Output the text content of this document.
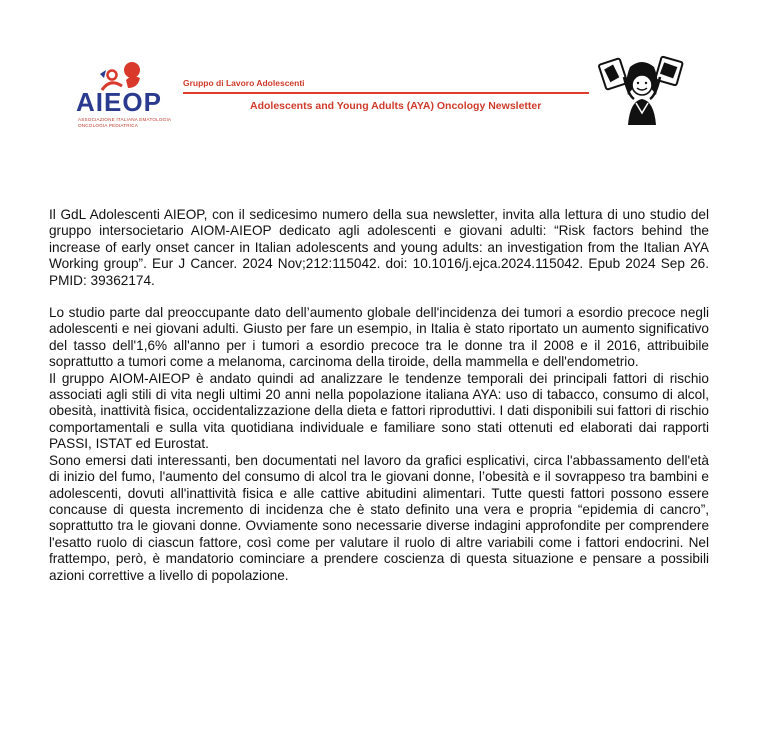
AIEOP
ASSOCIAZIONE ITALIANA EMATOLOGIA ONCOLOGIA PEDIATRICA
Gruppo di Lavoro Adolescenti
Adolescents and Young Adults (AYA) Oncology Newsletter

Il GdL Adolescenti AIEOP, con il sedicesimo numero della sua newsletter, invita alla lettura di uno studio del gruppo intersocietario AIOM-AIEOP dedicato agli adolescenti e giovani adulti: “Risk factors behind the increase of early onset cancer in Italian adolescents and young adults: an investigation from the Italian AYA Working group”. Eur J Cancer. 2024 Nov;212:115042. doi: 10.1016/j.ejca.2024.115042. Epub 2024 Sep 26. PMID: 39362174.

Lo studio parte dal preoccupante dato dell’aumento globale dell'incidenza dei tumori a esordio precoce negli adolescenti e nei giovani adulti. Giusto per fare un esempio, in Italia è stato riportato un aumento significativo del tasso dell'1,6% all'anno per i tumori a esordio precoce tra le donne tra il 2008 e il 2016, attribuibile soprattutto a tumori come a melanoma, carcinoma della tiroide, della mammella e dell'endometrio.

Il gruppo AIOM-AIEOP è andato quindi ad analizzare le tendenze temporali dei principali fattori di rischio associati agli stili di vita negli ultimi 20 anni nella popolazione italiana AYA: uso di tabacco, consumo di alcol, obesità, inattività fisica, occidentalizzazione della dieta e fattori riproduttivi. I dati disponibili sui fattori di rischio comportamentali e sulla vita quotidiana individuale e familiare sono stati ottenuti ed elaborati dai rapporti PASSI, ISTAT ed Eurostat.

Sono emersi dati interessanti, ben documentati nel lavoro da grafici esplicativi, circa l'abbassamento dell'età di inizio del fumo, l'aumento del consumo di alcol tra le giovani donne, l’obesità e il sovrappeso tra bambini e adolescenti, dovuti all'inattività fisica e alle cattive abitudini alimentari. Tutte questi fattori possono essere concause di questa incremento di incidenza che è stato definito una vera e propria “epidemia di cancro”, soprattutto tra le giovani donne. Ovviamente sono necessarie diverse indagini approfondite per comprendere l'esatto ruolo di ciascun fattore, così come per valutare il ruolo di altre variabili come i fattori endocrini. Nel frattempo, però, è mandatorio cominciare a prendere coscienza di questa situazione e pensare a possibili azioni correttive a livello di popolazione.
